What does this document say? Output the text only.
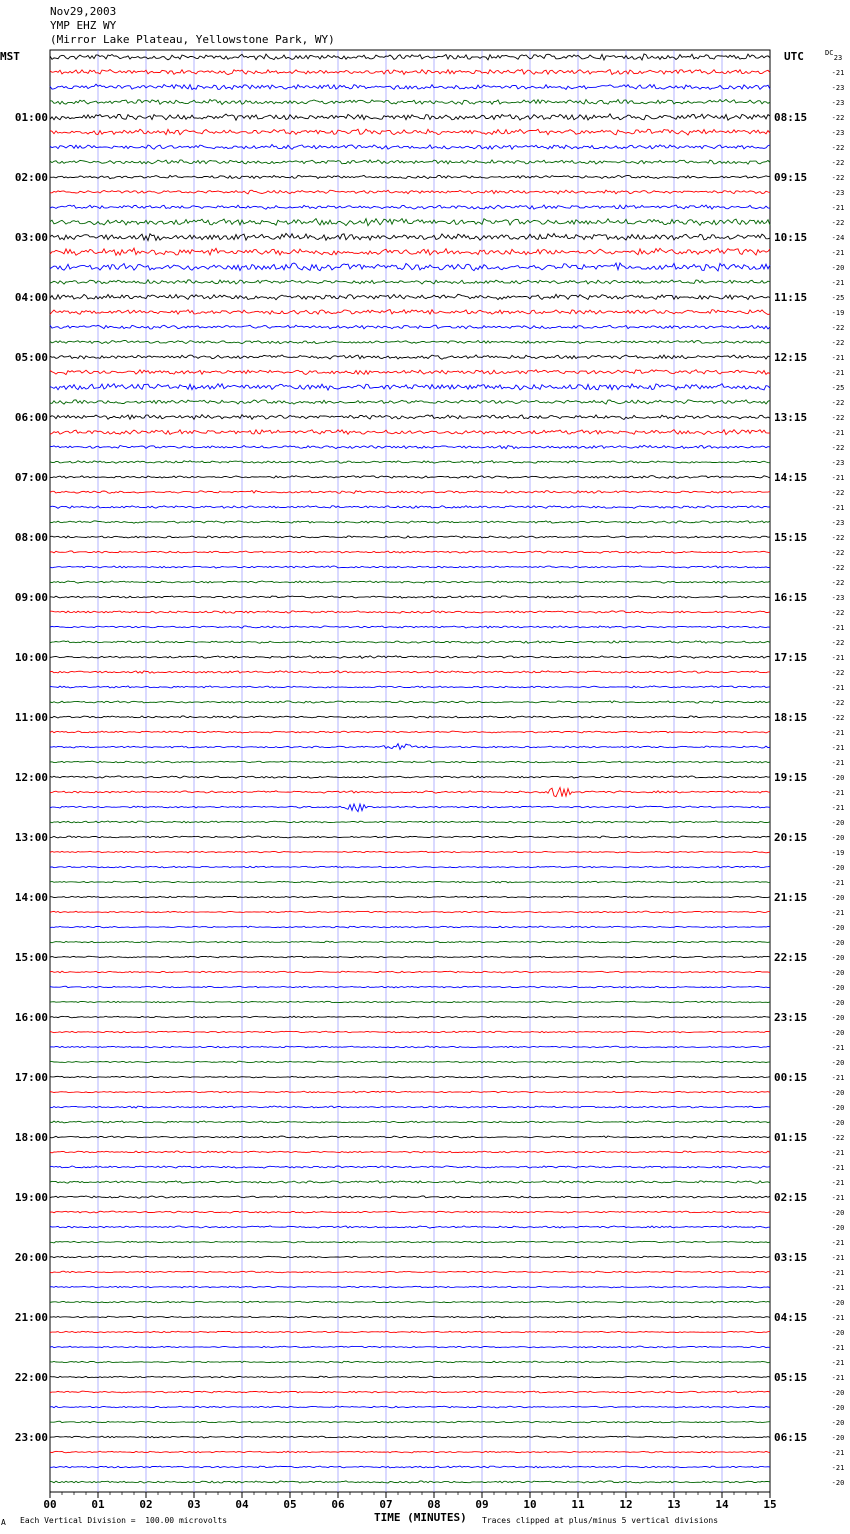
Nov29,2003
YMP EHZ WY
(Mirror Lake Plateau, Yellowstone Park, WY)
MST	UTC	DC
00	01	02	03	04	05	06	07	08	09	10	11	12	13	14	15
23
-21
-23
-23
-22
-23
-22
-22
-22
-23
-21
-22
-24
-21
-20
-21
-25
-19
-22
-22
-21
-21
-25
-22
-22
-21
-22
-23
-21
-22
-21
-23
-22
-22
-22
-22
-23
-22
-21
-22
-21
-22
-21
-22
-22
-21
-21
-21
-20
-21
-21
-20
-20
-19
-20
-21
-20
-21
-20
-20
-20
-20
-20
-20
-20
-20
-21
-20
-21
-20
-20
-20
-22
-21
-21
-21
-21
-20
-20
-21
-21
-21
-21
-20
-21
-20
-21
-21
-21
-20
-20
-20
-20
-21
-21
-20
01:00
02:00
03:00
04:00
05:00
06:00
07:00
08:00
09:00
10:00
11:00
12:00
13:00
14:00
15:00
16:00
17:00
18:00
19:00
20:00
21:00
22:00
23:00
08:15
09:15
10:15
11:15
12:15
13:15
14:15
15:15
16:15
17:15
18:15
19:15
20:15
21:15
22:15
23:15
00:15
01:15
02:15
03:15
04:15
05:15
06:15
A Each Vertical Division =  100.00 microvolts	TIME (MINUTES) Traces clipped at plus/minus 5 vertical divisions
